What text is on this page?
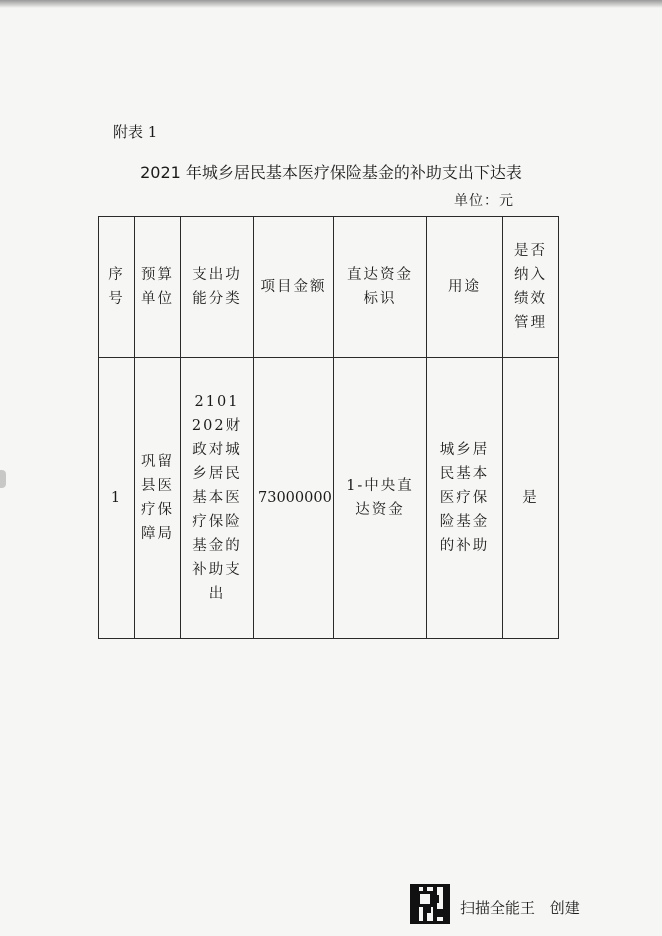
附表 1
2021 年城乡居民基本医疗保险基金的补助支出下达表
单位：元
序号	预算单位	支出功能分类	项目金额	直达资金标识	用途	是否纳入绩效管理
1	巩留县医疗保障局	2101202财政对城乡居民基本医疗保险基金的补助支出	73000000	1-中央直达资金	城乡居民基本医疗保险基金的补助	是
扫描全能王 创建
